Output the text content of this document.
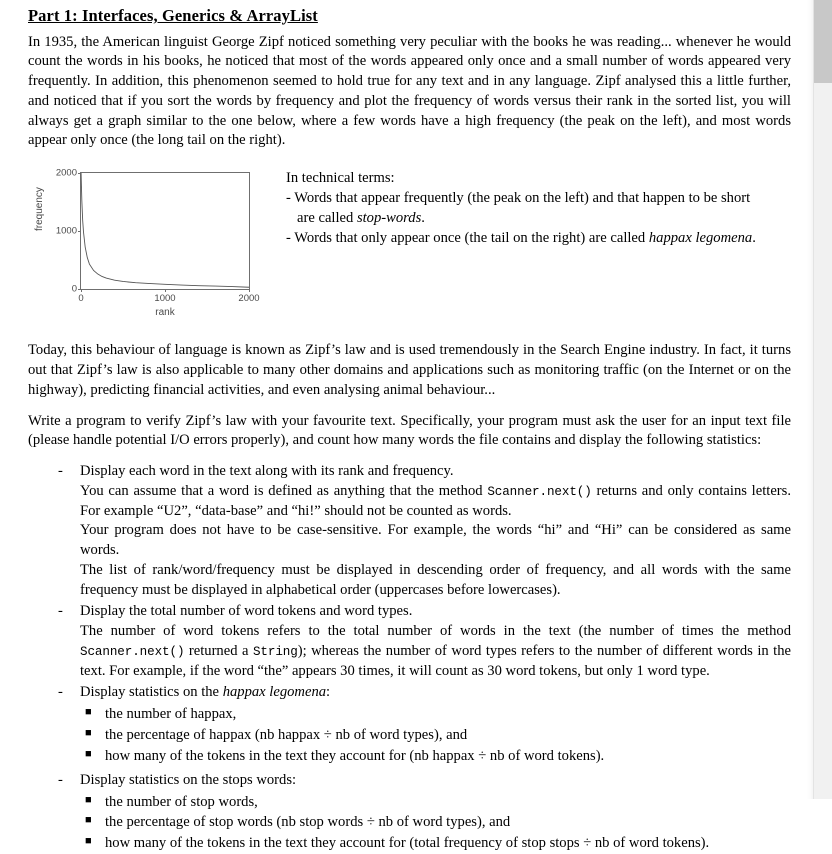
Part 1: Interfaces, Generics & ArrayList

In 1935, the American linguist George Zipf noticed something very peculiar with the books he was reading... whenever he would count the words in his books, he noticed that most of the words appeared only once and a small number of words appeared very frequently. In addition, this phenomenon seemed to hold true for any text and in any language. Zipf analysed this a little further, and noticed that if you sort the words by frequency and plot the frequency of words versus their rank in the sorted list, you will always get a graph similar to the one below, where a few words have a high frequency (the peak on the left), and most words appear only once (the long tail on the right).

frequency
rank
2000
1000
0
0	1000	2000
In technical terms:
- Words that appear frequently (the peak on the left) and that happen to be short
are called stop-words.
- Words that only appear once (the tail on the right) are called happax legomena.

Today, this behaviour of language is known as Zipf’s law and is used tremendously in the Search Engine industry. In fact, it turns out that Zipf’s law is also applicable to many other domains and applications such as monitoring traffic (on the Internet or on the highway), predicting financial activities, and even analysing animal behaviour...

Write a program to verify Zipf’s law with your favourite text. Specifically, your program must ask the user for an input text file (please handle potential I/O errors properly), and count how many words the file contains and display the following statistics:

- Display each word in the text along with its rank and frequency.
You can assume that a word is defined as anything that the method Scanner.next() returns and only contains letters. For example “U2”, “data-base” and “hi!” should not be counted as words.
Your program does not have to be case-sensitive. For example, the words “hi” and “Hi” can be considered as same words.
The list of rank/word/frequency must be displayed in descending order of frequency, and all words with the same frequency must be displayed in alphabetical order (uppercases before lowercases).
- Display the total number of word tokens and word types.
The number of word tokens refers to the total number of words in the text (the number of times the method Scanner.next() returned a String); whereas the number of word types refers to the number of different words in the text. For example, if the word “the” appears 30 times, it will count as 30 word tokens, but only 1 word type.
- Display statistics on the happax legomena:
■ the number of happax,
■ the percentage of happax (nb happax ÷ nb of word types), and
■ how many of the tokens in the text they account for (nb happax ÷ nb of word tokens).
- Display statistics on the stops words:
■ the number of stop words,
■ the percentage of stop words (nb stop words ÷ nb of word types), and
■ how many of the tokens in the text they account for (total frequency of stop stops ÷ nb of word tokens).
